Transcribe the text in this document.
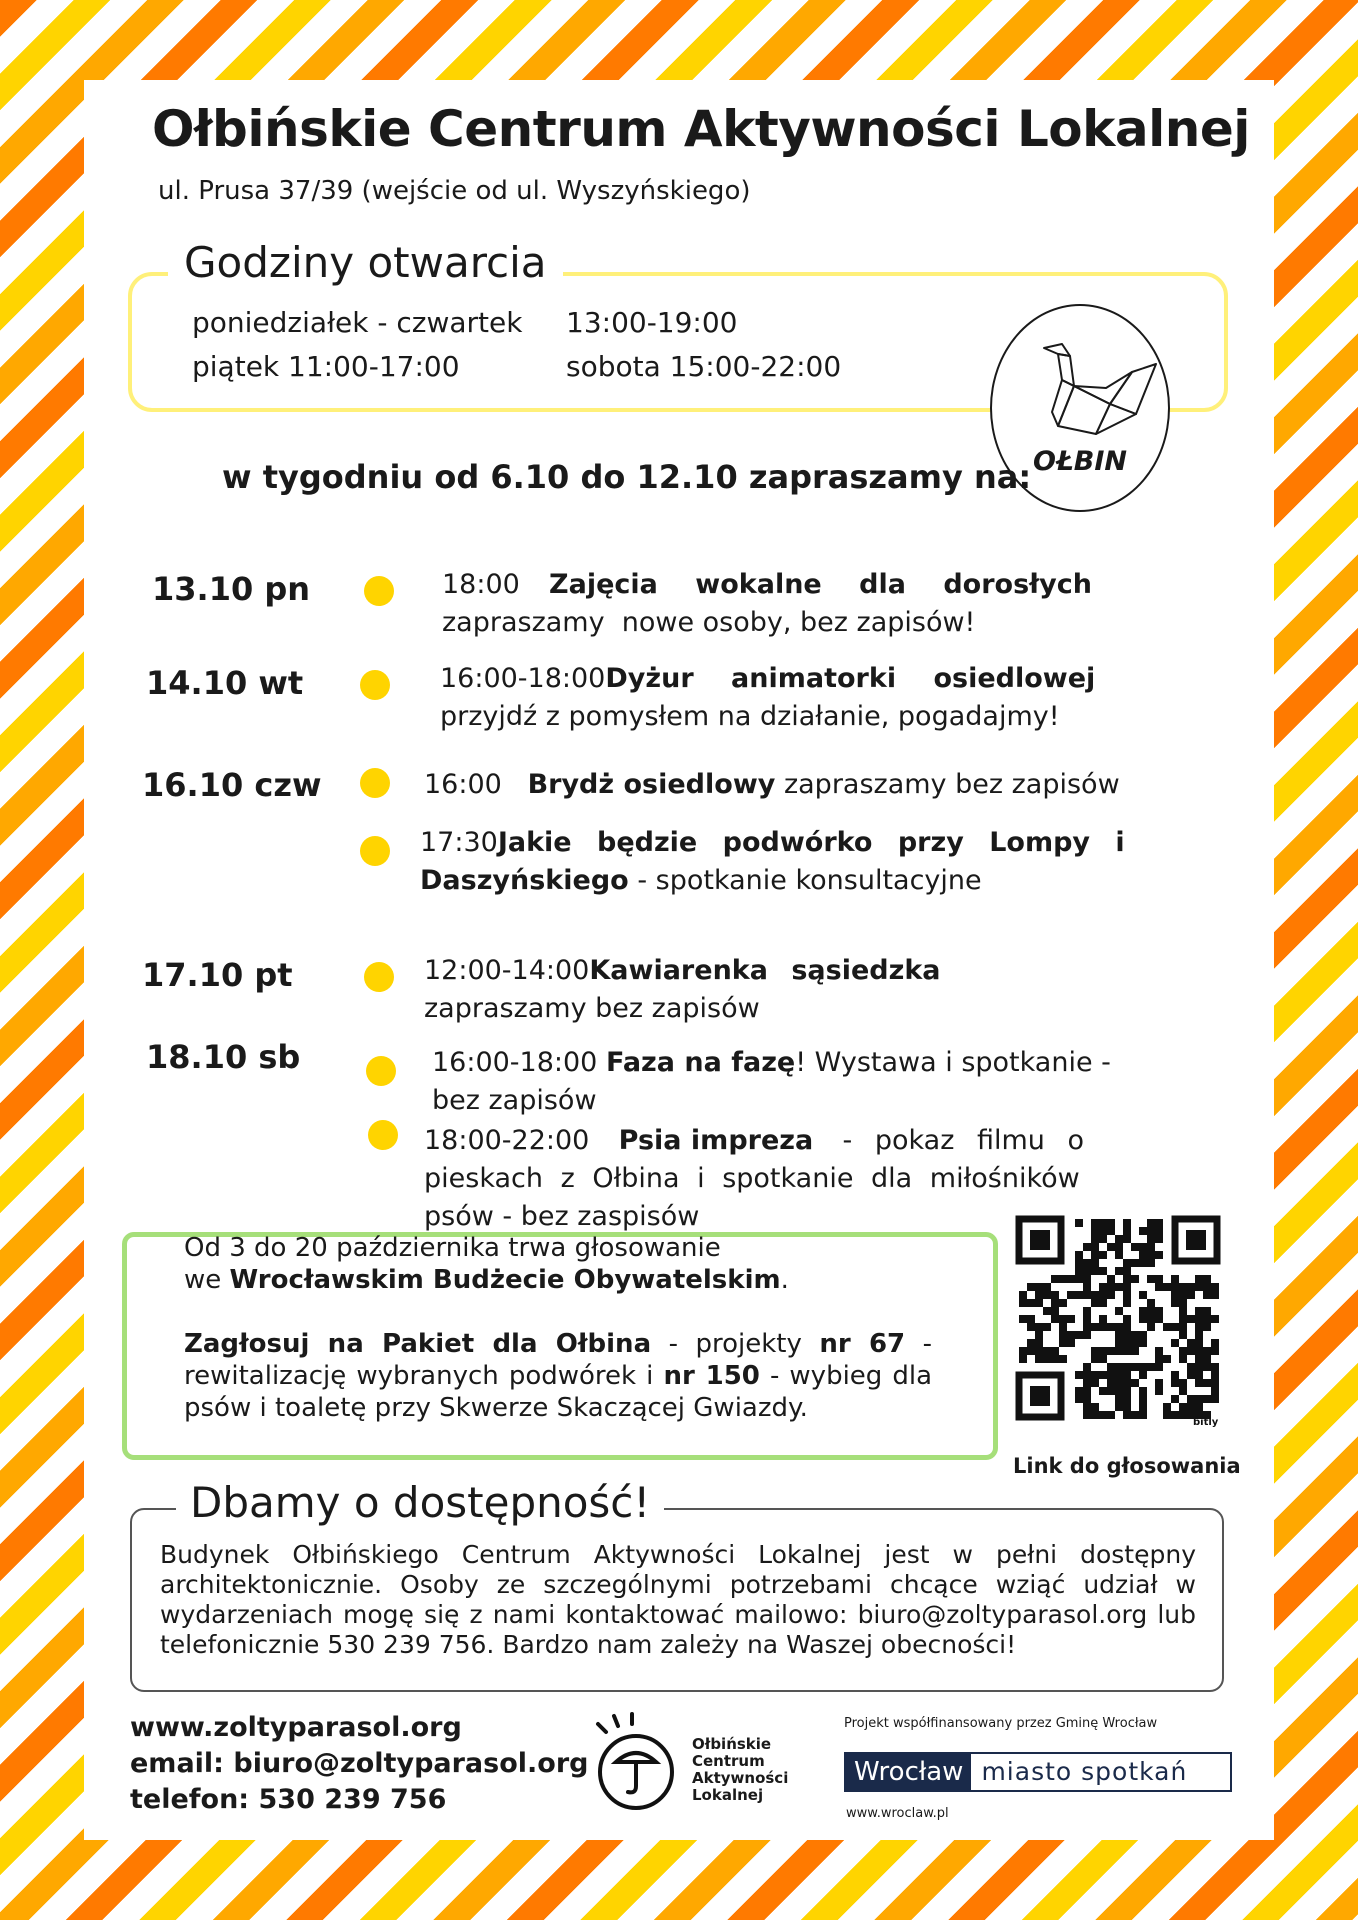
Ołbińskie Centrum Aktywności Lokalnej
ul. Prusa 37/39 (wejście od ul. Wyszyńskiego)
Godziny otwarcia
poniedziałek - czwartek 13:00-19:00
piątek 11:00-17:00	sobota 15:00-22:00
OŁBIN
w tygodniu od 6.10 do 12.10 zapraszamy na:
13.10 pn	18:00 Zajęcia wokalne dla dorosłych
zapraszamy  nowe osoby, bez zapisów!
14.10 wt	16:00-18:00 Dyżur animatorki osiedlowej
przyjdź z pomysłem na działanie, pogadajmy!
16.10 czw	16:00 Brydż osiedlowy zapraszamy bez zapisów
17:30 Jakie będzie podwórko przy Lompy i
Daszyńskiego - spotkanie konsultacyjne
17.10 pt	12:00-14:00 Kawiarenka sąsiedzka
zapraszamy bez zapisów
18.10 sb	16:00-18:00 Faza na fazę! Wystawa i spotkanie -
bez zapisów
18:00-22:00 Psia impreza - pokaz filmu o
pieskach z Ołbina i spotkanie dla miłośników
psów - bez zaspisów
Od 3 do 20 października trwa głosowanie
we Wrocławskim Budżecie Obywatelskim.
Zagłosuj na Pakiet dla Ołbina - projekty nr 67 - rewitalizację wybranych podwórek i nr 150 - wybieg dla psów i toaletę przy Skwerze Skaczącej Gwiazdy.	bitly
Link do głosowania
Dbamy o dostępność!
Budynek Ołbińskiego Centrum Aktywności Lokalnej jest w pełni dostępny architektonicznie. Osoby ze szczególnymi potrzebami chcące wziąć udział w wydarzeniach mogę się z nami kontaktować mailowo: biuro@zoltyparasol.org lub telefonicznie 530 239 756. Bardzo nam zależy na Waszej obecności!
www.zoltyparasol.org
email: biuro@zoltyparasol.org
telefon: 530 239 756
Ołbińskie
Centrum
Aktywności
Lokalnej
Projekt współfinansowany przez Gminę Wrocław
Wrocław miasto spotkań
www.wroclaw.pl
